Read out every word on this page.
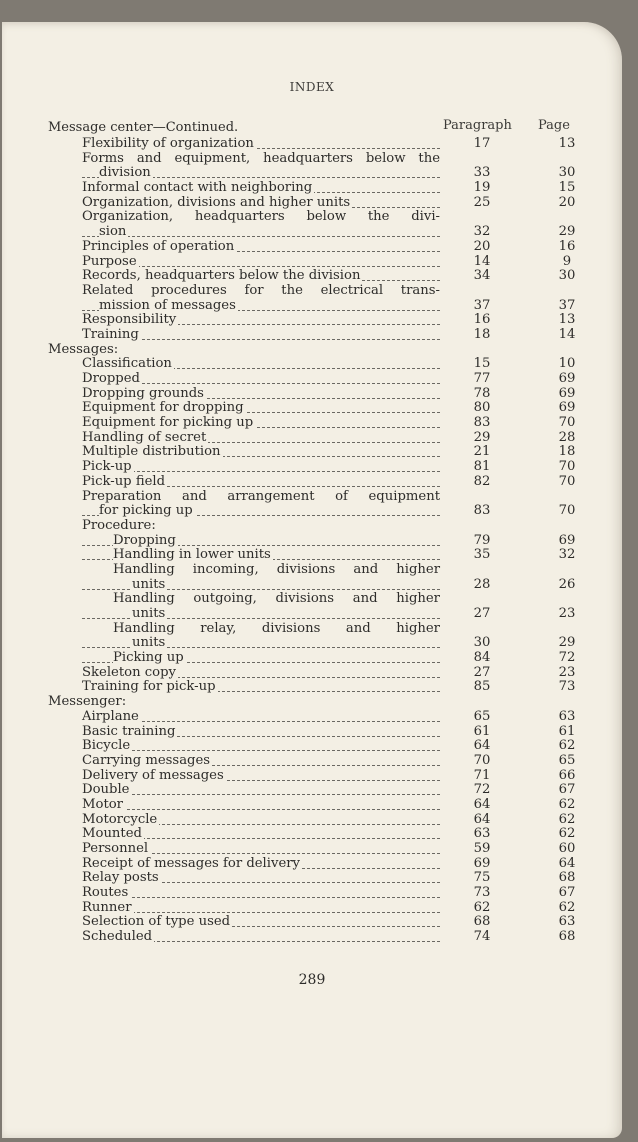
INDEX
Message center—Continued.	Paragraph Page
Flexibility of organization	17	13
Forms and equipment, headquarters below the
division	33	30
Informal contact with neighboring	19	15
Organization, divisions and higher units	25	20
Organization, headquarters below the divi-
sion	32	29
Principles of operation	20	16
Purpose	14	9
Records, headquarters below the division	34	30
Related procedures for the electrical trans-
mission of messages	37	37
Responsibility	16	13
Training	18	14
Messages:
Classification	15	10
Dropped	77	69
Dropping grounds	78	69
Equipment for dropping	80	69
Equipment for picking up	83	70
Handling of secret	29	28
Multiple distribution	21	18
Pick-up	81	70
Pick-up field	82	70
Preparation and arrangement of equipment
for picking up	83	70
Procedure:
Dropping	79	69
Handling in lower units	35	32
Handling incoming, divisions and higher
units	28	26
Handling outgoing, divisions and higher
units	27	23
Handling relay, divisions and higher
units	30	29
Picking up	84	72
Skeleton copy	27	23
Training for pick-up	85	73
Messenger:
Airplane	65	63
Basic training	61	61
Bicycle	64	62
Carrying messages	70	65
Delivery of messages	71	66
Double	72	67
Motor	64	62
Motorcycle	64	62
Mounted	63	62
Personnel	59	60
Receipt of messages for delivery	69	64
Relay posts	75	68
Routes	73	67
Runner	62	62
Selection of type used	68	63
Scheduled	74	68
289
